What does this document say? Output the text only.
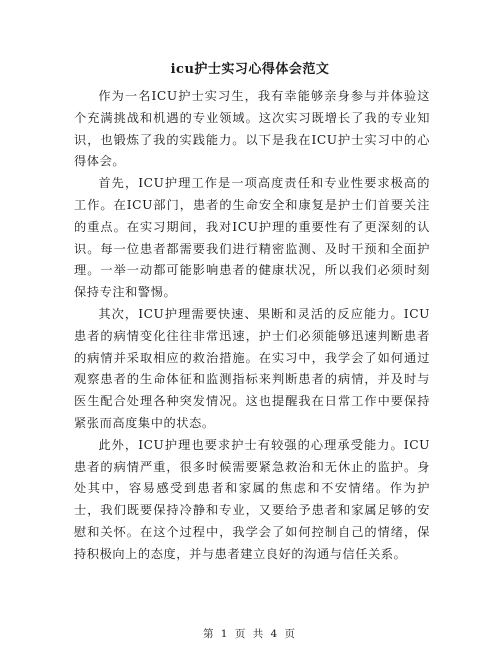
icu护士实习心得体会范文

作为一名ICU护士实习生，我有幸能够亲身参与并体验这个充满挑战和机遇的专业领域。这次实习既增长了我的专业知识，也锻炼了我的实践能力。以下是我在ICU护士实习中的心得体会。

首先，ICU护理工作是一项高度责任和专业性要求极高的工作。在ICU部门，患者的生命安全和康复是护士们首要关注的重点。在实习期间，我对ICU护理的重要性有了更深刻的认识。每一位患者都需要我们进行精密监测、及时干预和全面护理。一举一动都可能影响患者的健康状况，所以我们必须时刻保持专注和警惕。

其次，ICU护理需要快速、果断和灵活的反应能力。ICU患者的病情变化往往非常迅速，护士们必须能够迅速判断患者的病情并采取相应的救治措施。在实习中，我学会了如何通过观察患者的生命体征和监测指标来判断患者的病情，并及时与医生配合处理各种突发情况。这也提醒我在日常工作中要保持紧张而高度集中的状态。

此外，ICU护理也要求护士有较强的心理承受能力。ICU患者的病情严重，很多时候需要紧急救治和无休止的监护。身处其中，容易感受到患者和家属的焦虑和不安情绪。作为护士，我们既要保持冷静和专业，又要给予患者和家属足够的安慰和关怀。在这个过程中，我学会了如何控制自己的情绪，保持积极向上的态度，并与患者建立良好的沟通与信任关系。

第 1 页 共 4 页
